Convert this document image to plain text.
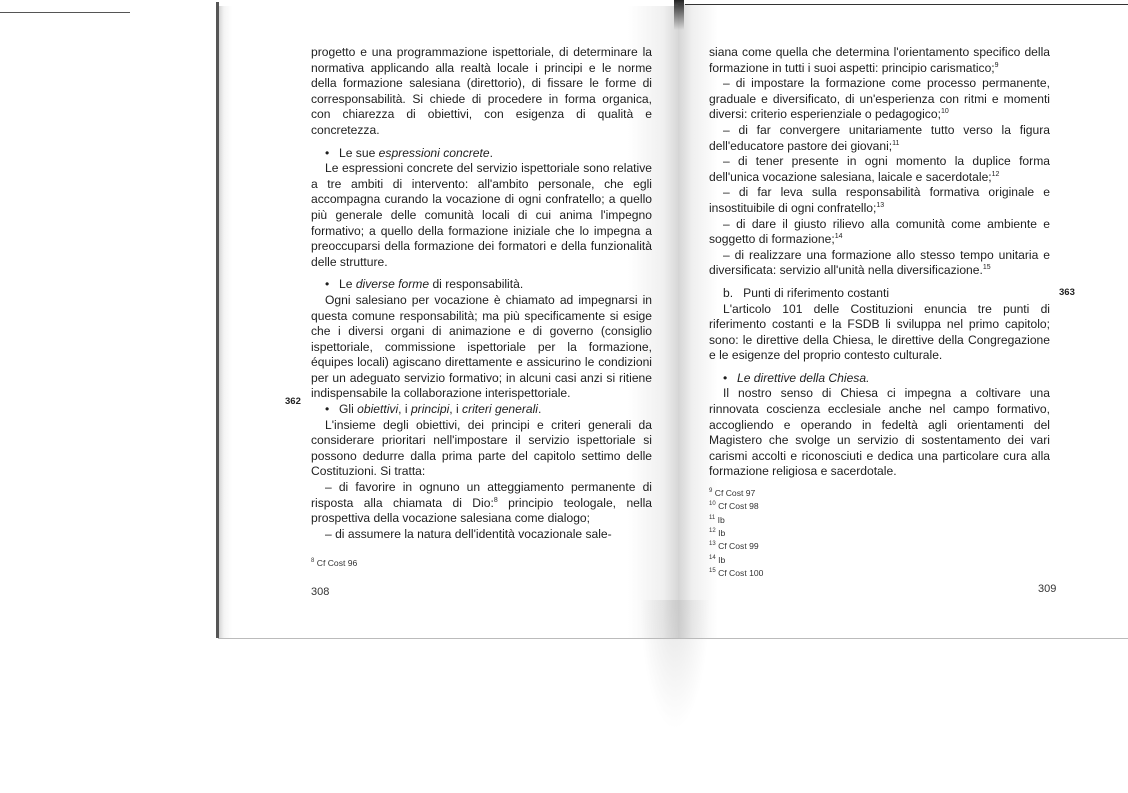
progetto e una programmazione ispettoriale, di determinare la normativa applicando alla realtà locale i principi e le norme della formazione salesiana (direttorio), di fissare le forme di corresponsabilità. Si chiede di procedere in forma organica, con chiarezza di obiettivi, con esigenza di qualità e concretezza.

• Le sue espressioni concrete.

Le espressioni concrete del servizio ispettoriale sono relative a tre ambiti di intervento: all'ambito personale, che egli accompagna curando la vocazione di ogni confratello; a quello più generale delle comunità locali di cui anima l'impegno formativo; a quello della formazione iniziale che lo impegna a preoccuparsi della formazione dei formatori e della funzionalità delle strutture.

• Le diverse forme di responsabilità.

Ogni salesiano per vocazione è chiamato ad impegnarsi in questa comune responsabilità; ma più specificamente si esige che i diversi organi di animazione e di governo (consiglio ispettoriale, commissione ispettoriale per la formazione, équipes locali) agiscano direttamente e assicurino le condizioni per un adeguato servizio formativo; in alcuni casi anzi si ritiene indispensabile la collaborazione interispettoriale.

• Gli obiettivi, i principi, i criteri generali.

L'insieme degli obiettivi, dei principi e criteri generali da considerare prioritari nell'impostare il servizio ispettoriale si possono dedurre dalla prima parte del capitolo settimo delle Costituzioni. Si tratta:

– di favorire in ognuno un atteggiamento permanente di risposta alla chiamata di Dio:$^8$ principio teologale, nella prospettiva della vocazione salesiana come dialogo;

– di assumere la natura dell'identità vocazionale sale-

362

$^8$ Cf Cost 96

308

siana come quella che determina l'orientamento specifico della formazione in tutti i suoi aspetti: principio carismatico;$^9$

– di impostare la formazione come processo permanente, graduale e diversificato, di un'esperienza con ritmi e momenti diversi: criterio esperienziale o pedagogico;$^{10}$

– di far convergere unitariamente tutto verso la figura dell'educatore pastore dei giovani;$^{11}$

– di tener presente in ogni momento la duplice forma dell'unica vocazione salesiana, laicale e sacerdotale;$^{12}$

– di far leva sulla responsabilità formativa originale e insostituibile di ogni confratello;$^{13}$

– di dare il giusto rilievo alla comunità come ambiente e soggetto di formazione;$^{14}$

– di realizzare una formazione allo stesso tempo unitaria e diversificata: servizio all'unità nella diversificazione.$^{15}$

b.   Punti di riferimento costanti

L'articolo 101 delle Costituzioni enuncia tre punti di riferimento costanti e la FSDB li sviluppa nel primo capitolo; sono: le direttive della Chiesa, le direttive della Congregazione e le esigenze del proprio contesto culturale.

• Le direttive della Chiesa.

Il nostro senso di Chiesa ci impegna a coltivare una rinnovata coscienza ecclesiale anche nel campo formativo, accogliendo e operando in fedeltà agli orientamenti del Magistero che svolge un servizio di sostentamento dei vari carismi accolti e riconosciuti e dedica una particolare cura alla formazione religiosa e sacerdotale.

363

$^9$ Cf Cost 97

$^{10}$ Cf Cost 98

$^{11}$ Ib

$^{12}$ Ib

$^{13}$ Cf Cost 99

$^{14}$ Ib

$^{15}$ Cf Cost 100

309
